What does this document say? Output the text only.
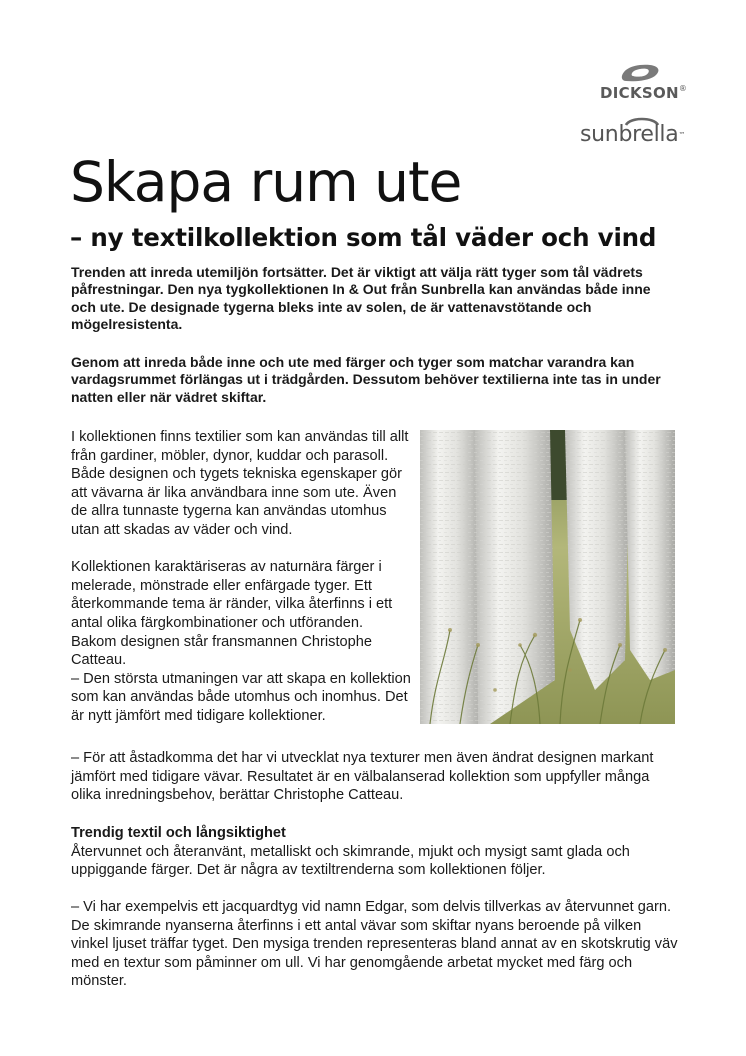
DICKSON®
sunbrella™
Skapa rum ute
– ny textilkollektion som tål väder och vind

Trenden att inreda utemiljön fortsätter. Det är viktigt att välja rätt tyger som tål vädrets påfrestningar. Den nya tygkollektionen In & Out från Sunbrella kan användas både inne och ute. De designade tygerna bleks inte av solen, de är vattenavstötande och mögelresistenta.

Genom att inreda både inne och ute med färger och tyger som matchar varandra kan vardagsrummet förlängas ut i trädgården. Dessutom behöver textilierna inte tas in under natten eller när vädret skiftar.

I kollektionen finns textilier som kan användas till allt från gardiner, möbler, dynor, kuddar och parasoll. Både designen och tygets tekniska egenskaper gör att vävarna är lika användbara inne som ute. Även de allra tunnaste tygerna kan användas utomhus utan att skadas av väder och vind.

Kollektionen karaktäriseras av naturnära färger i melerade, mönstrade eller enfärgade tyger. Ett återkommande tema är ränder, vilka återfinns i ett antal olika färgkombinationer och utföranden. Bakom designen står fransmannen Christophe Catteau.

– Den största utmaningen var att skapa en kollektion som kan användas både utomhus och inomhus. Det är nytt jämfört med tidigare kollektioner.

– För att åstadkomma det har vi utvecklat nya texturer men även ändrat designen markant jämfört med tidigare vävar. Resultatet är en välbalanserad kollektion som uppfyller många olika inredningsbehov, berättar Christophe Catteau.

Trendig textil och långsiktighet
Återvunnet och återanvänt, metalliskt och skimrande, mjukt och mysigt samt glada och uppiggande färger. Det är några av textiltrenderna som kollektionen följer.

– Vi har exempelvis ett jacquardtyg vid namn Edgar, som delvis tillverkas av återvunnet garn. De skimrande nyanserna återfinns i ett antal vävar som skiftar nyans beroende på vilken vinkel ljuset träffar tyget. Den mysiga trenden representeras bland annat av en skotskrutig väv med en textur som påminner om ull. Vi har genomgående arbetat mycket med färg och mönster.
